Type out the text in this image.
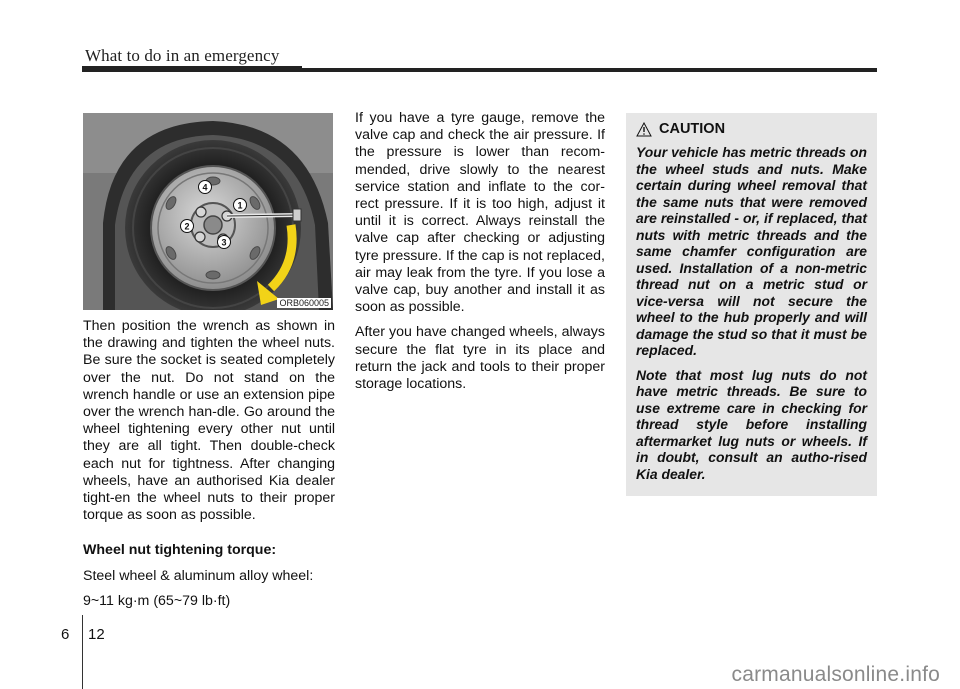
What to do in an emergency
1
2
3
4
ORB060005

Then position the wrench as shown in the drawing and tighten the wheel nuts. Be sure the socket is seated completely over the nut. Do not stand on the wrench handle or use an extension pipe over the wrench han-dle. Go around the wheel tightening every other nut until they are all tight. Then double-check each nut for tightness. After changing wheels, have an authorised Kia dealer tight-en the wheel nuts to their proper torque as soon as possible.

Wheel nut tightening torque:

Steel wheel & aluminum alloy wheel:

9~11 kg·m (65~79 lb·ft)

If you have a tyre gauge, remove the valve cap and check the air pressure. If the pressure is lower than recom-mended, drive slowly to the nearest service station and inflate to the cor-rect pressure. If it is too high, adjust it until it is correct. Always reinstall the valve cap after checking or adjusting tyre pressure. If the cap is not replaced, air may leak from the tyre. If you lose a valve cap, buy another and install it as soon as possible.

After you have changed wheels, always secure the flat tyre in its place and return the jack and tools to their proper storage locations.

CAUTION

Your vehicle has metric threads on the wheel studs and nuts. Make certain during wheel removal that the same nuts that were removed are reinstalled - or, if replaced, that nuts with metric threads and the same chamfer configuration are used. Installation of a non-metric thread nut on a metric stud or vice-versa will not secure the wheel to the hub properly and will damage the stud so that it must be replaced.

Note that most lug nuts do not have metric threads. Be sure to use extreme care in checking for thread style before installing aftermarket lug nuts or wheels. If in doubt, consult an autho-rised Kia dealer.

6 12
carmanualsonline.info
